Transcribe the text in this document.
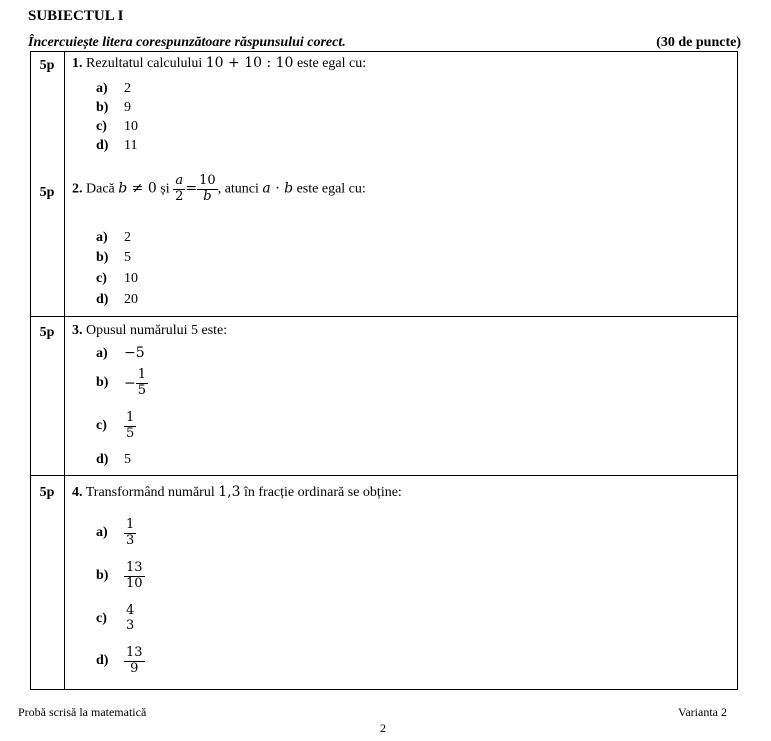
SUBIECTUL I
Încercuiește litera corespunzătoare răspunsului corect.	(30 de puncte)
5p
5p
5p
5p
1. Rezultatul calculului 10 + 10 : 10 este egal cu:
a) 2
b) 9
c) 10
d) 11
2. Dacă b ≠ 0 și $\frac{a}{2} = \frac{10}{b}$ , atunci a · b este egal cu:
a) 2
b) 5
c) 10
d) 20
3. Opusul numărului 5 este:
a) −5
$b) - \frac{1}{5}$
$c) \frac{1}{5}$
d) 5
4. Transformând numărul 1,3 în fracție ordinară se obține:
$a) \frac{1}{3}$
$b) \frac{13}{10}$
c)
4
3
$d) \frac{13}{9}$
Probă scrisă la matematică	Varianta 2
2
